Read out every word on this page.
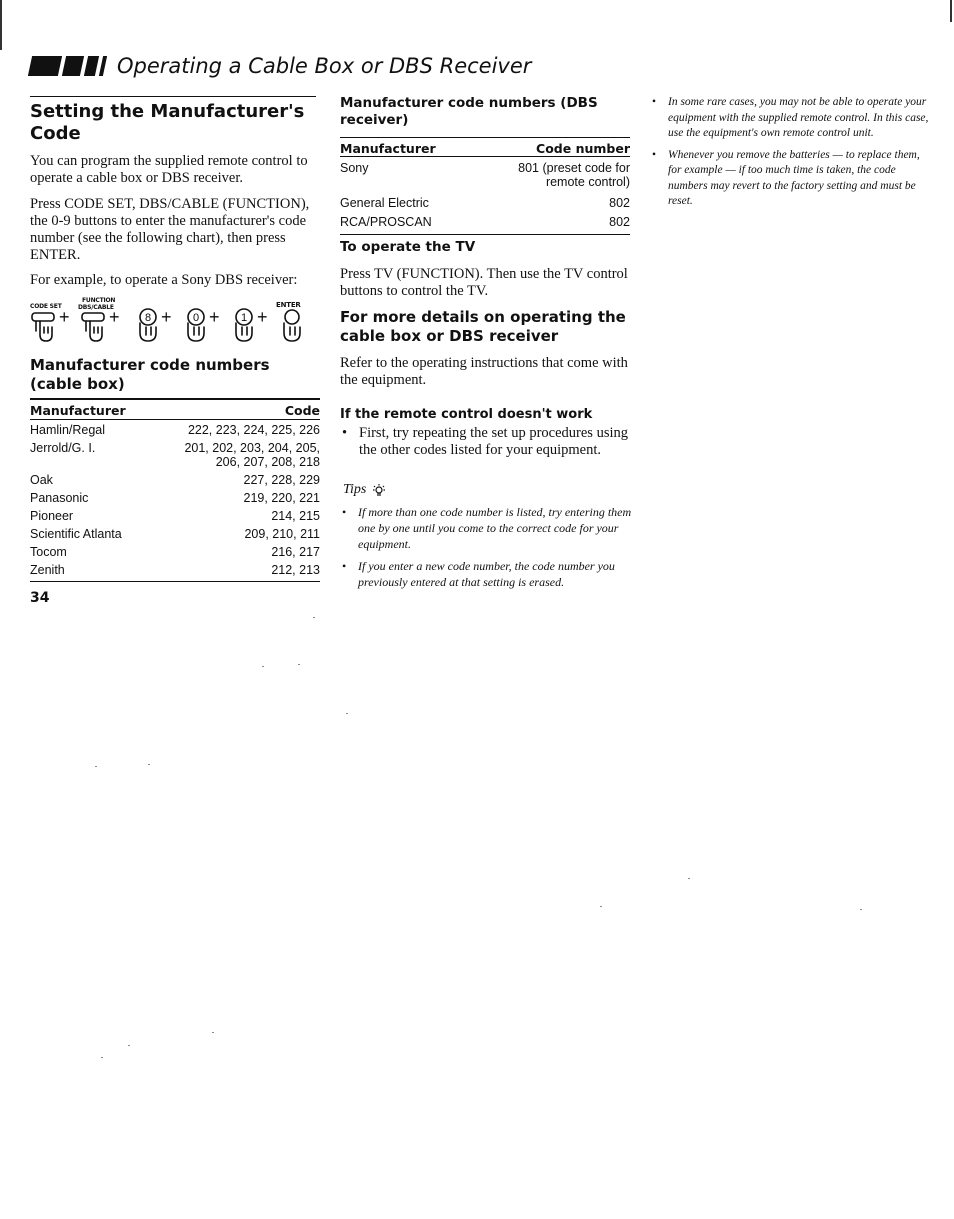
Operating a Cable Box or DBS Receiver
Setting the Manufacturer's Code
You can program the supplied remote control to operate a cable box or DBS receiver.
Press CODE SET, DBS/CABLE (FUNCTION), the 0-9 buttons to enter the manufacturer's code number (see the following chart), then press ENTER.
For example, to operate a Sony DBS receiver:
CODE SET
FUNCTION
DBS/CABLE	ENTER
+ + + + +
8	0	1
Manufacturer code numbers (cable box)
Manufacturer	Code
Hamlin/Regal	222, 223, 224, 225, 226
Jerrold/G. I.	201, 202, 203, 204, 205,
206, 207, 208, 218
Oak	227, 228, 229
Panasonic	219, 220, 221
Pioneer	214, 215
Scientific Atlanta	209, 210, 211
Tocom	216, 217
Zenith	212, 213
34
Manufacturer code numbers (DBS receiver)
Manufacturer	Code number
Sony	801 (preset code for
remote control)
General Electric	802
RCA/PROSCAN	802
To operate the TV
Press TV (FUNCTION). Then use the TV control buttons to control the TV.
For more details on operating the cable box or DBS receiver
Refer to the operating instructions that come with the equipment.
If the remote control doesn't work
• First, try repeating the set up procedures using the other codes listed for your equipment.
Tips
• If more than one code number is listed, try entering them one by one until you come to the correct code for your equipment.
• If you enter a new code number, the code number you previously entered at that setting is erased.
• In some rare cases, you may not be able to operate your equipment with the supplied remote control. In this case, use the equipment's own remote control unit.
• Whenever you remove the batteries — to replace them, for example — if too much time is taken, the code numbers may revert to the factory setting and must be reset.
